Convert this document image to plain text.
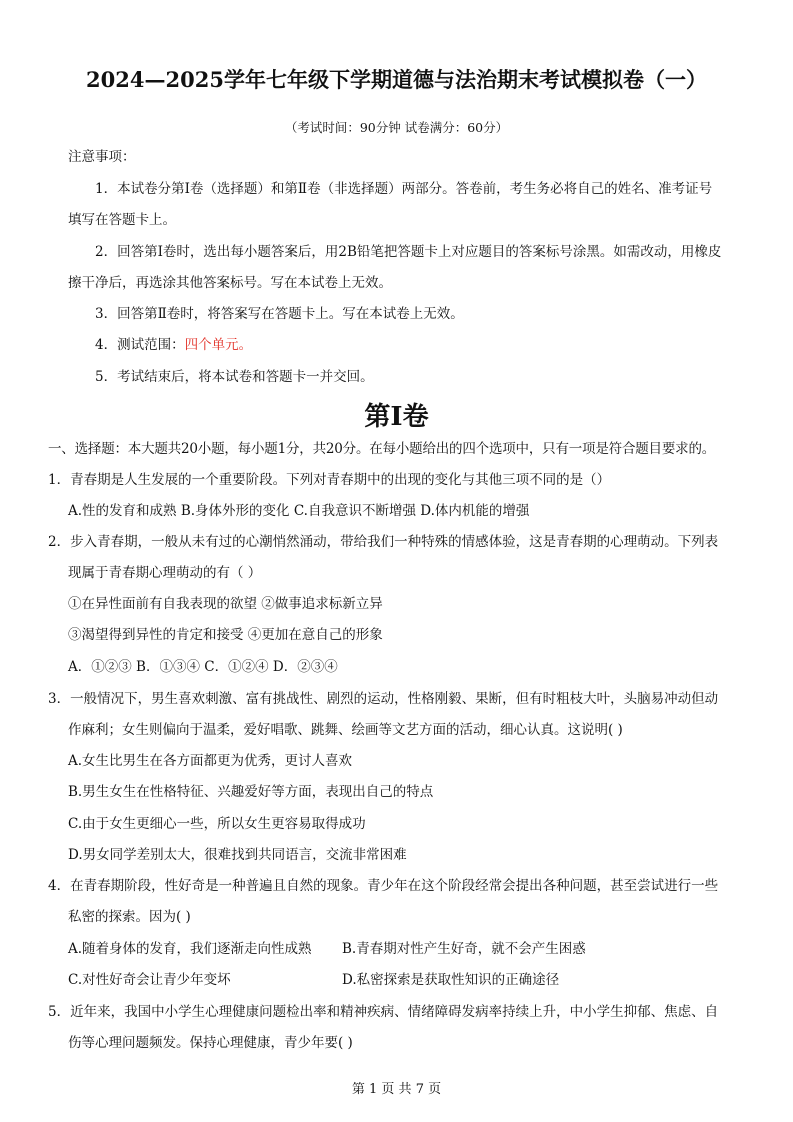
2024—2025学年七年级下学期道德与法治期末考试模拟卷（一）
（考试时间：90分钟 试卷满分：60分）
注意事项：
1．本试卷分第Ⅰ卷（选择题）和第Ⅱ卷（非选择题）两部分。答卷前，考生务必将自己的姓名、准考证号
填写在答题卡上。
2．回答第Ⅰ卷时，选出每小题答案后，用2B铅笔把答题卡上对应题目的答案标号涂黑。如需改动，用橡皮
擦干净后，再选涂其他答案标号。写在本试卷上无效。
3．回答第Ⅱ卷时，将答案写在答题卡上。写在本试卷上无效。
4．测试范围：四个单元。
5．考试结束后，将本试卷和答题卡一并交回。
第Ⅰ卷
一、选择题：本大题共20小题，每小题1分，共20分。在每小题给出的四个选项中，只有一项是符合题目要求的。
1．青春期是人生发展的一个重要阶段。下列对青春期中的出现的变化与其他三项不同的是（）
A.性的发育和成熟 B.身体外形的变化 C.自我意识不断增强 D.体内机能的增强
2．步入青春期，一般从未有过的心潮悄然涌动，带给我们一种特殊的情感体验，这是青春期的心理萌动。下列表
现属于青春期心理萌动的有（ ）
①在异性面前有自我表现的欲望 ②做事追求标新立异
③渴望得到异性的肯定和接受 ④更加在意自己的形象
A．①②③ B．①③④ C．①②④ D．②③④
3．一般情况下，男生喜欢刺激、富有挑战性、剧烈的运动，性格刚毅、果断，但有时粗枝大叶，头脑易冲动但动
作麻利；女生则偏向于温柔，爱好唱歌、跳舞、绘画等文艺方面的活动，细心认真。这说明( )
A.女生比男生在各方面都更为优秀，更讨人喜欢
B.男生女生在性格特征、兴趣爱好等方面，表现出自己的特点
C.由于女生更细心一些，所以女生更容易取得成功
D.男女同学差别太大，很难找到共同语言，交流非常困难
4．在青春期阶段，性好奇是一种普遍且自然的现象。青少年在这个阶段经常会提出各种问题，甚至尝试进行一些
私密的探索。因为( )
A.随着身体的发育，我们逐渐走向性成熟 B.青春期对性产生好奇，就不会产生困惑
C.对性好奇会让青少年变坏	D.私密探索是获取性知识的正确途径
5．近年来，我国中小学生心理健康问题检出率和精神疾病、情绪障碍发病率持续上升，中小学生抑郁、焦虑、自
伤等心理问题频发。保持心理健康，青少年要( )
第 1 页 共 7 页
